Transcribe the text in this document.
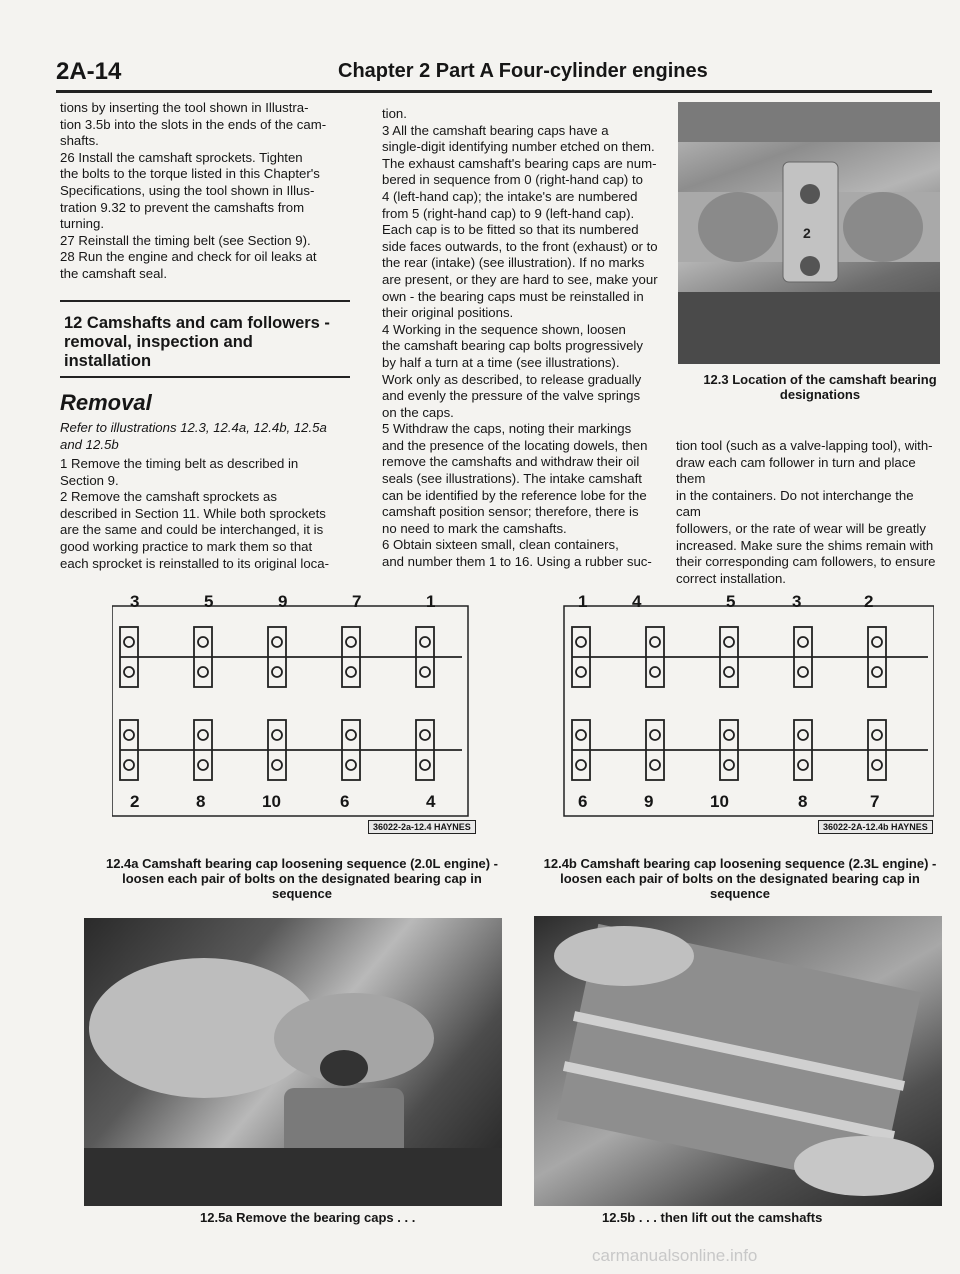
2A-14	Chapter 2 Part A Four-cylinder engines

tions by inserting the tool shown in Illustra-

tion 3.5b into the slots in the ends of the cam-

shafts.

26 Install the camshaft sprockets. Tighten

the bolts to the torque listed in this Chapter's

Specifications, using the tool shown in Illus-

tration 9.32 to prevent the camshafts from

turning.

27 Reinstall the timing belt (see Section 9).

28 Run the engine and check for oil leaks at

the camshaft seal.

12 Camshafts and cam followers - removal, inspection and installation
Removal
Refer to illustrations 12.3, 12.4a, 12.4b, 12.5a and 12.5b

1 Remove the timing belt as described in

Section 9.

2 Remove the camshaft sprockets as

described in Section 11. While both sprockets

are the same and could be interchanged, it is

good working practice to mark them so that

each sprocket is reinstalled to its original loca-

tion.

3 All the camshaft bearing caps have a

single-digit identifying number etched on them.

The exhaust camshaft's bearing caps are num-

bered in sequence from 0 (right-hand cap) to

4 (left-hand cap); the intake's are numbered

from 5 (right-hand cap) to 9 (left-hand cap).

Each cap is to be fitted so that its numbered

side faces outwards, to the front (exhaust) or to

the rear (intake) (see illustration). If no marks

are present, or they are hard to see, make your

own - the bearing caps must be reinstalled in

their original positions.

4 Working in the sequence shown, loosen

the camshaft bearing cap bolts progressively

by half a turn at a time (see illustrations).

Work only as described, to release gradually

and evenly the pressure of the valve springs

on the caps.

5 Withdraw the caps, noting their markings

and the presence of the locating dowels, then

remove the camshafts and withdraw their oil

seals (see illustrations). The intake camshaft

can be identified by the reference lobe for the

camshaft position sensor; therefore, there is

no need to mark the camshafts.

6 Obtain sixteen small, clean containers,

and number them 1 to 16. Using a rubber suc-

2
12.3 Location of the camshaft bearing designations

tion tool (such as a valve-lapping tool), with-

draw each cam follower in turn and place them

in the containers. Do not interchange the cam

followers, or the rate of wear will be greatly

increased. Make sure the shims remain with

their corresponding cam followers, to ensure

correct installation.

3	5	9	7	1
2	8	10	6	4
36022-2a-12.4 HAYNES
1	4	5	3	2
6	9	10	8	7
36022-2A-12.4b HAYNES
12.4a Camshaft bearing cap loosening sequence (2.0L engine) - loosen each pair of bolts on the designated bearing cap in sequence
12.4b Camshaft bearing cap loosening sequence (2.3L engine) - loosen each pair of bolts on the designated bearing cap in sequence
12.5a Remove the bearing caps . . .	12.5b . . . then lift out the camshafts
carmanualsonline.info
